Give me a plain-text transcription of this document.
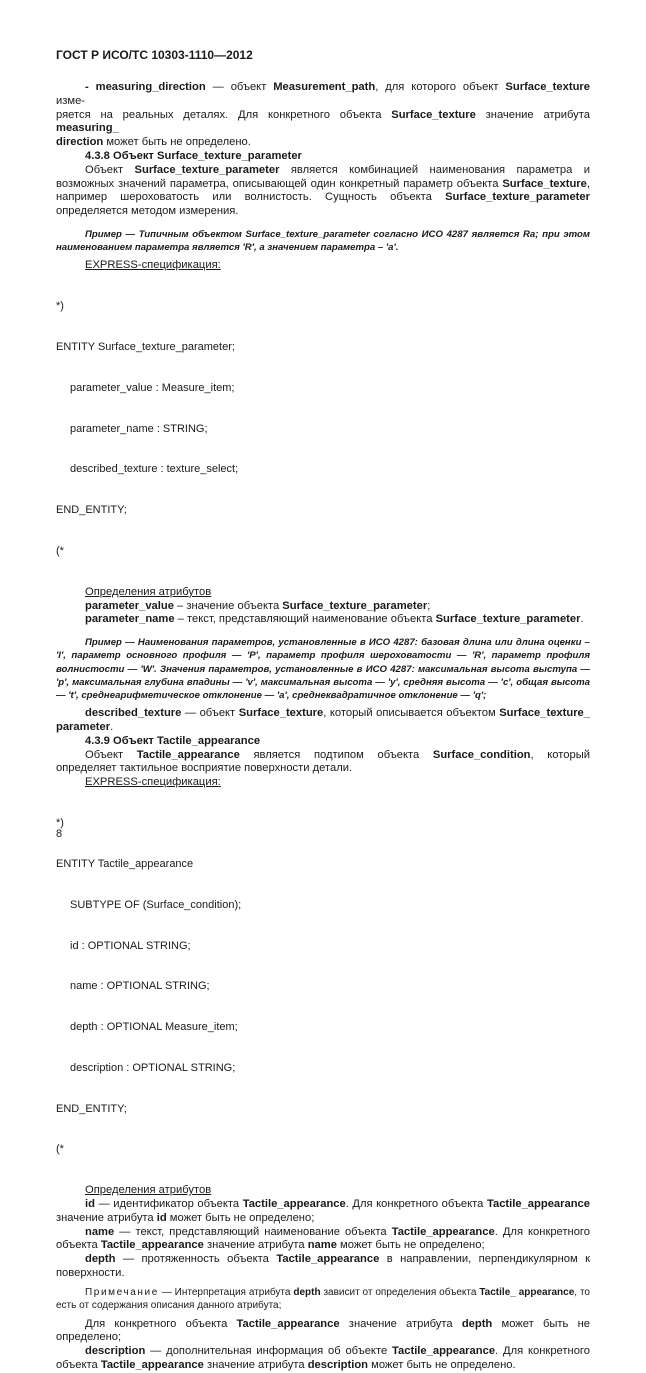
ГОСТ Р ИСО/ТС 10303-1110—2012

- measuring_direction — объект Measurement_path, для которого объект Surface_texture изме-

ряется на реальных деталях. Для конкретного объекта Surface_texture значение атрибута measuring_

direction может быть не определено.

4.3.8 Объект Surface_texture_parameter

Объект Surface_texture_parameter является комбинацией наименования параметра и возможных значений параметра, описывающей один конкретный параметр объекта Surface_texture, например шероховатость или волнистость. Сущность объекта Surface_texture_parameter определяется методом измерения.

Пример — Типичным объектом Surface_texture_parameter согласно ИСО 4287 является Ra; при этом наименованием параметра является 'R', а значением параметра – 'a'.

EXPRESS-спецификация:

*)

ENTITY Surface_texture_parameter;

parameter_value : Measure_item;

parameter_name : STRING;

described_texture : texture_select;

END_ENTITY;

(*

Определения атрибутов

parameter_value – значение объекта Surface_texture_parameter;

parameter_name – текст, представляющий наименование объекта Surface_texture_parameter.

Пример — Наименования параметров, установленные в ИСО 4287: базовая длина или длина оценки – 'l', параметр основного профиля — 'P', параметр профиля шероховатости — 'R', параметр профиля волнистости — 'W'. Значения параметров, установленные в ИСО 4287: максимальная высота выступа — 'p', максимальная глубина впадины — 'v', максимальная высота — 'y', средняя высота — 'c', общая высота — 't', среднеарифметическое отклонение — 'a', среднеквадратичное отклонение — 'q';

described_texture — объект Surface_texture, который описывается объектом Surface_texture_

parameter.

4.3.9 Объект Tactile_appearance

Объект Tactile_appearance является подтипом объекта Surface_condition, который определяет тактильное восприятие поверхности детали.

EXPRESS-спецификация:

*)

ENTITY Tactile_appearance

SUBTYPE OF (Surface_condition);

id : OPTIONAL STRING;

name : OPTIONAL STRING;

depth : OPTIONAL Measure_item;

description : OPTIONAL STRING;

END_ENTITY;

(*

Определения атрибутов

id — идентификатор объекта Tactile_appearance. Для конкретного объекта Tactile_appearance значение атрибута id может быть не определено;

name — текст, представляющий наименование объекта Tactile_appearance. Для конкретного объекта Tactile_appearance значение атрибута name может быть не определено;

depth — протяженность объекта Tactile_appearance в направлении, перпендикулярном к поверхности.

Примечание — Интерпретация атрибута depth зависит от определения объекта Tactile_ appearance, то есть от содержания описания данного атрибута;

Для конкретного объекта Tactile_appearance значение атрибута depth может быть не определено;

description — дополнительная информация об объекте Tactile_appearance. Для конкретного объекта Tactile_appearance значение атрибута description может быть не определено.

8
